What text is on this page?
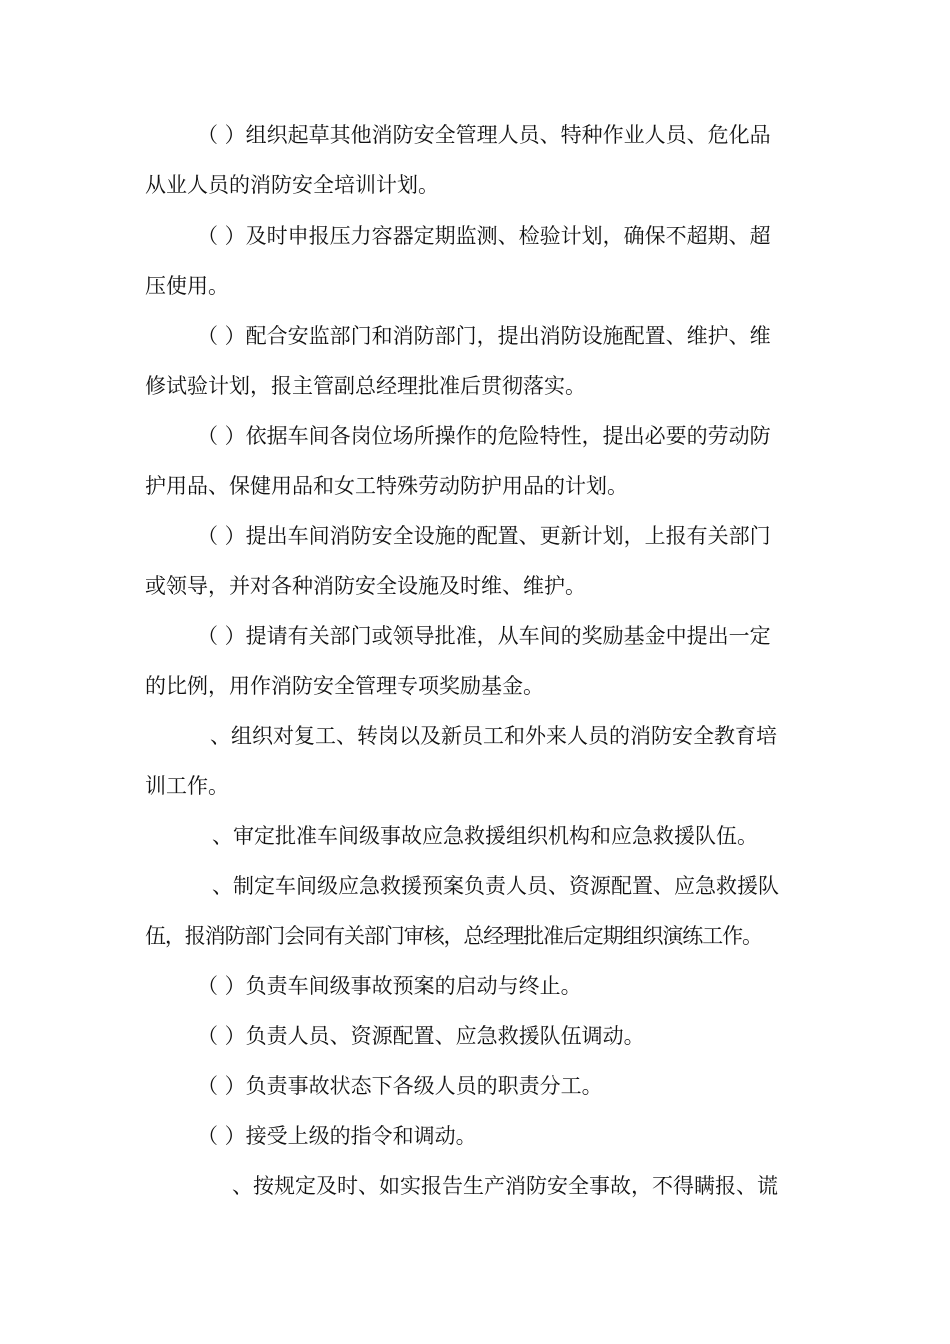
（ ）组织起草其他消防安全管理人员、特种作业人员、危化品
从业人员的消防安全培训计划。
（ ）及时申报压力容器定期监测、检验计划，确保不超期、超
压使用。
（ ）配合安监部门和消防部门，提出消防设施配置、维护、维
修试验计划，报主管副总经理批准后贯彻落实。
（ ）依据车间各岗位场所操作的危险特性，提出必要的劳动防
护用品、保健用品和女工特殊劳动防护用品的计划。
（ ）提出车间消防安全设施的配置、更新计划，上报有关部门
或领导，并对各种消防安全设施及时维、维护。
（ ）提请有关部门或领导批准，从车间的奖励基金中提出一定
的比例，用作消防安全管理专项奖励基金。
、组织对复工、转岗以及新员工和外来人员的消防安全教育培
训工作。
、审定批准车间级事故应急救援组织机构和应急救援队伍。
、制定车间级应急救援预案负责人员、资源配置、应急救援队
伍，报消防部门会同有关部门审核，总经理批准后定期组织演练工作。
（ ）负责车间级事故预案的启动与终止。
（ ）负责人员、资源配置、应急救援队伍调动。
（ ）负责事故状态下各级人员的职责分工。
（ ）接受上级的指令和调动。
、按规定及时、如实报告生产消防安全事故，不得瞒报、谎
